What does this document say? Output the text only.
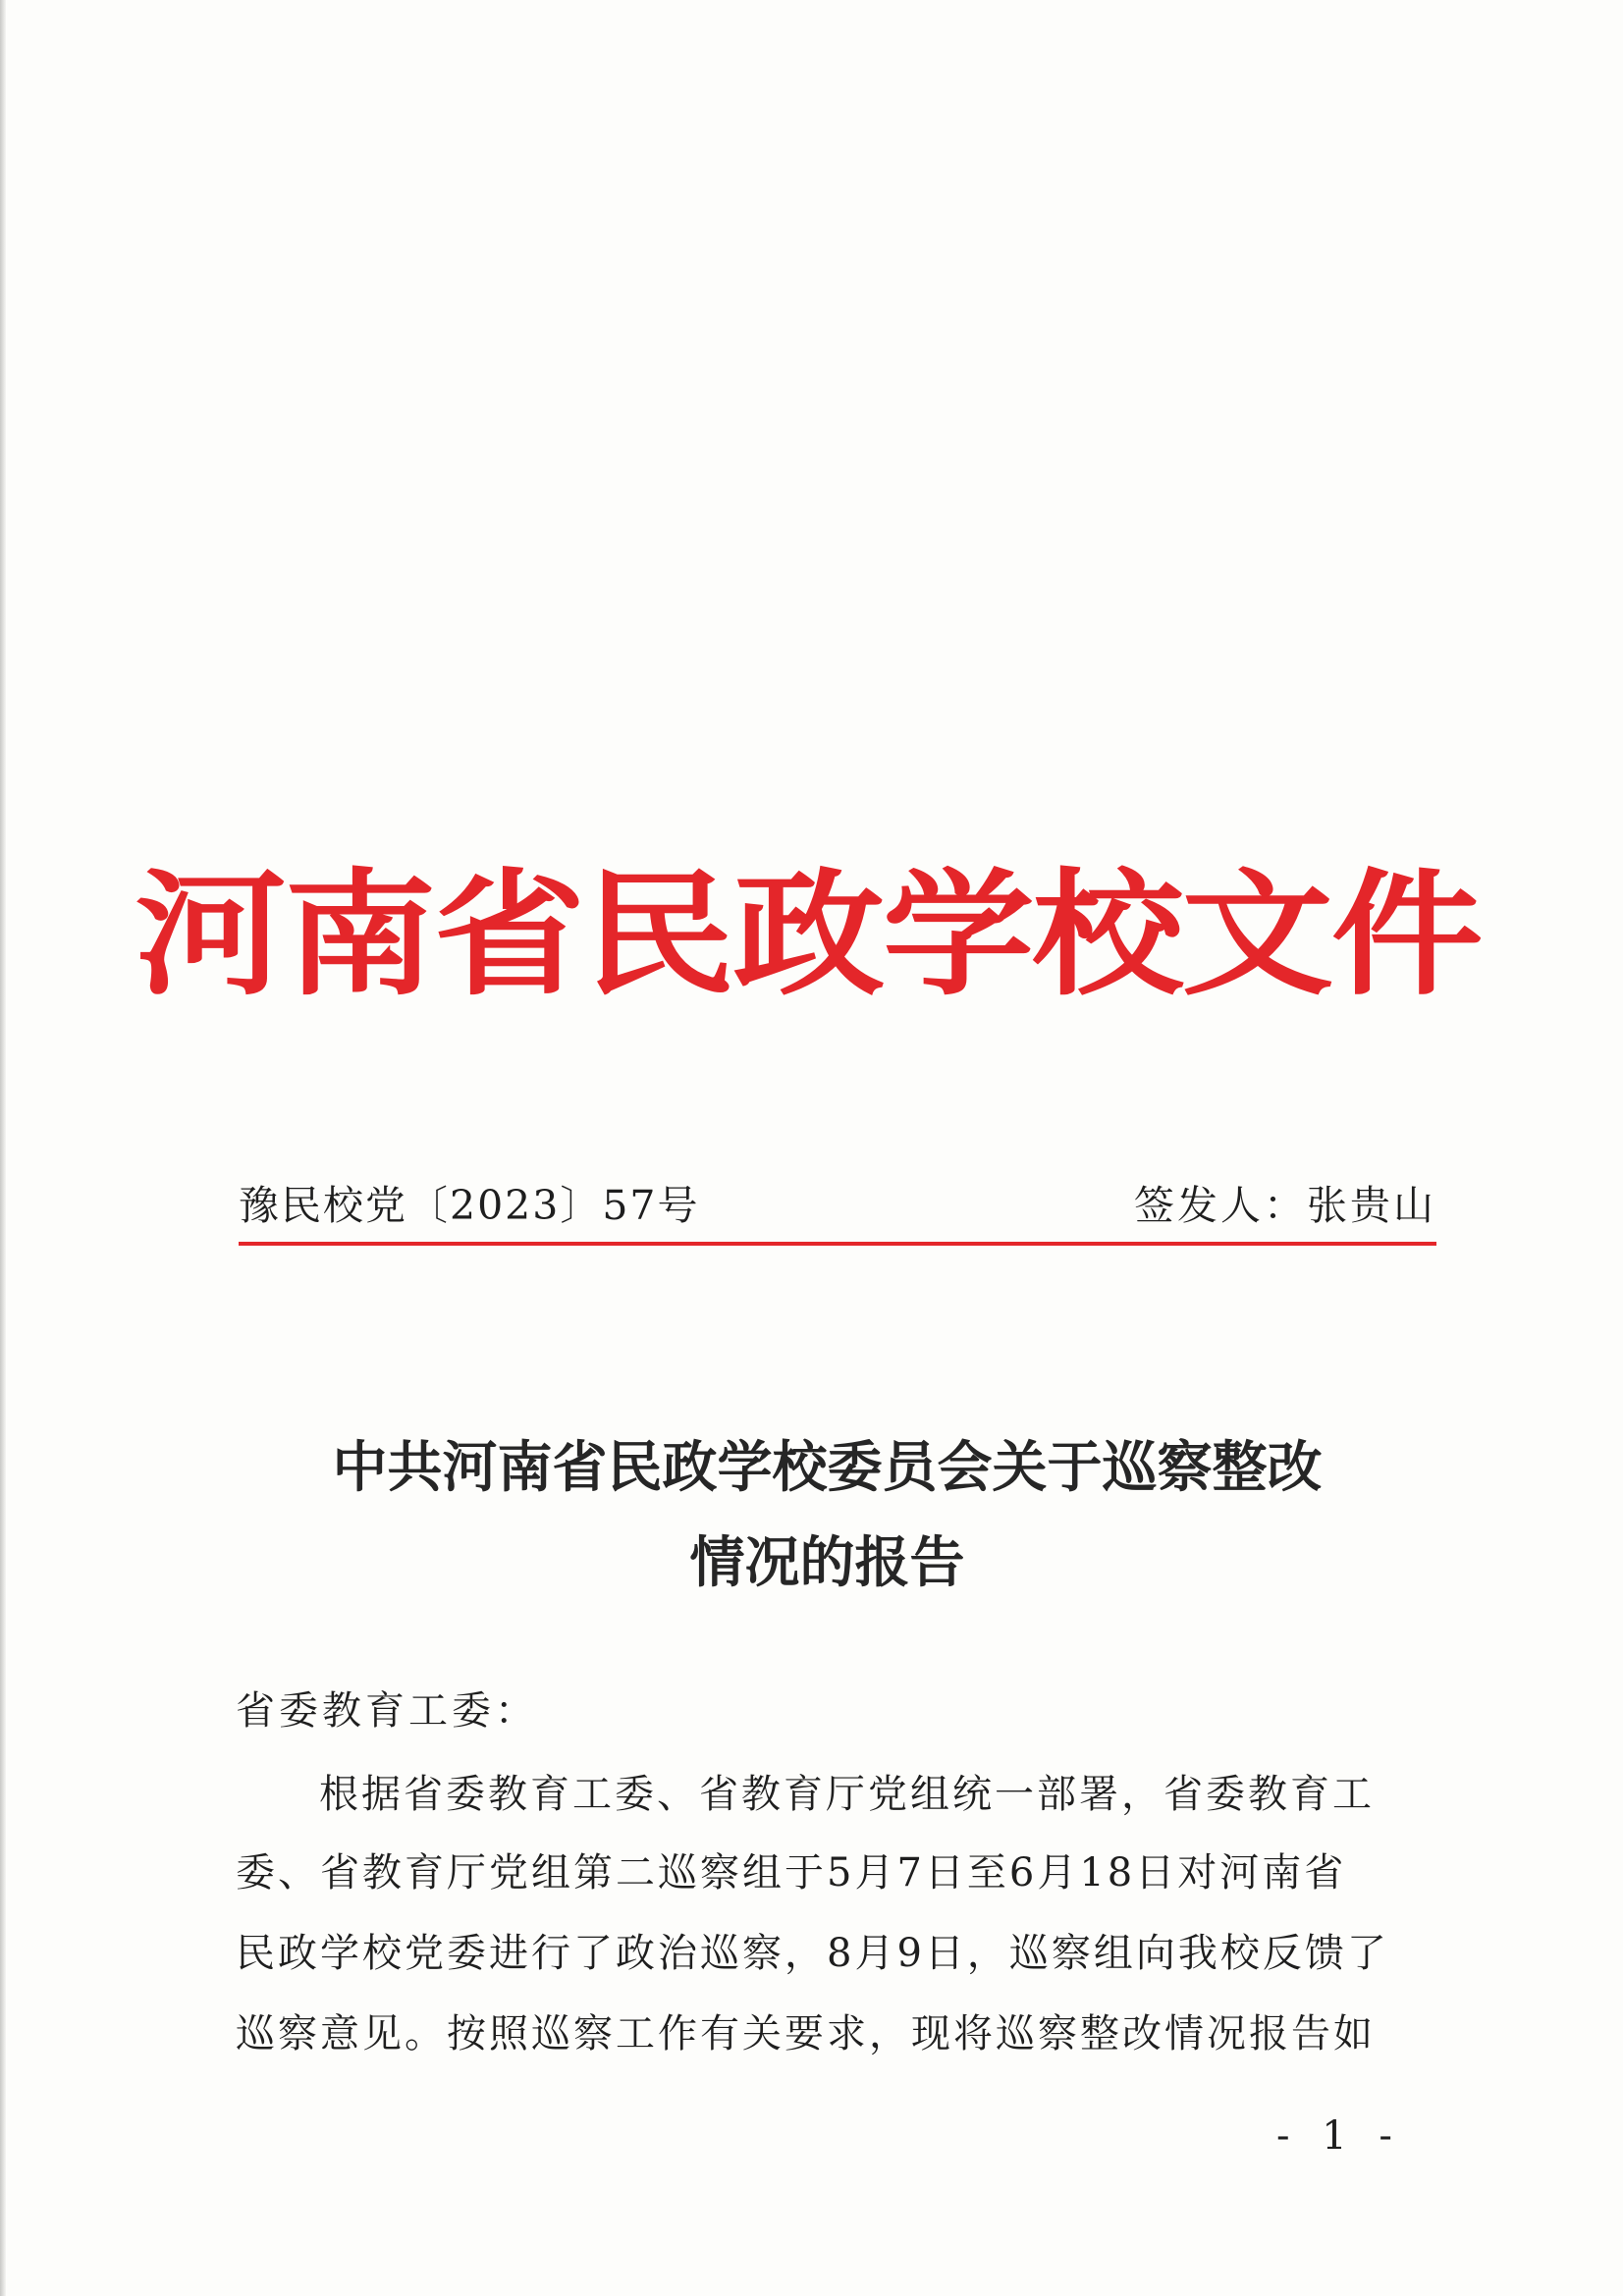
河南省民政学校文件
豫民校党〔2023〕57号	签发人：张贵山
中共河南省民政学校委员会关于巡察整改
情况的报告
省委教育工委：
根据省委教育工委、省教育厅党组统一部署，省委教育工
委、省教育厅党组第二巡察组于5月7日至6月18日对河南省
民政学校党委进行了政治巡察，8月9日，巡察组向我校反馈了
巡察意见。按照巡察工作有关要求，现将巡察整改情况报告如
- 1 -
